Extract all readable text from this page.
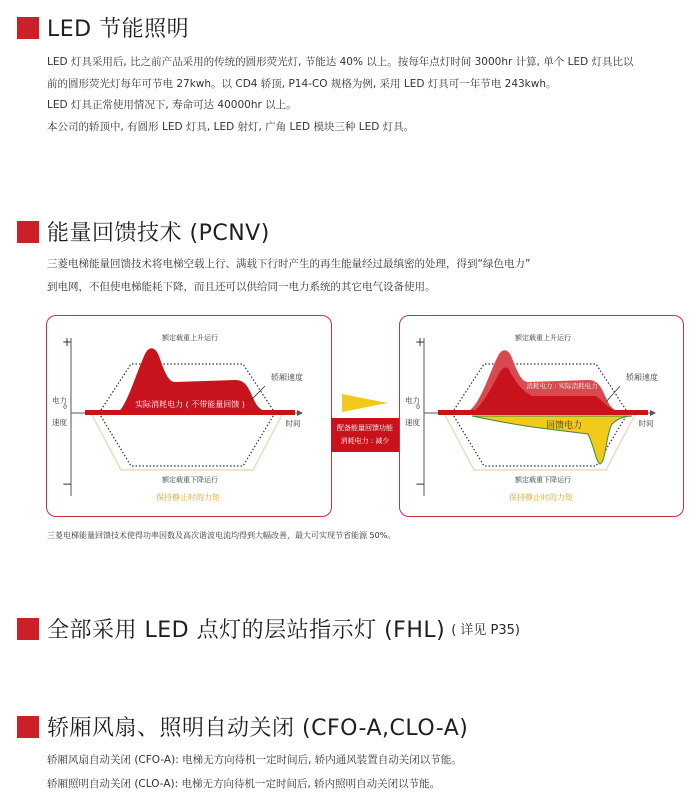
LED 节能照明

LED 灯具采用后, 比之前产品采用的传统的圆形荧光灯, 节能达 40% 以上。按每年点灯时间 3000hr 计算, 单个 LED 灯具比以

前的圆形荧光灯每年可节电 27kwh。以 CD4 轿顶, P14-CO 规格为例, 采用 LED 灯具可一年节电 243kwh。

LED 灯具正常使用情况下, 寿命可达 40000hr 以上。

本公司的轿顶中, 有圆形 LED 灯具, LED 射灯, 广角 LED 模块三种 LED 灯具。

能量回馈技术 (PCNV)

三菱电梯能量回馈技术将电梯空载上行、满载下行时产生的再生能量经过最缜密的处理，得到“绿色电力”

到电网，不但使电梯能耗下降，而且还可以供给同一电力系统的其它电气设备使用。

+
−
0
电力
速度	时间
额定载重上升运行
额定载重下降运行
实际消耗电力 ( 不带能量回馈 )
轿厢速度
保持静止时的力矩
配备能量回馈功能
消耗电力 : 减少
+
−
0
电力
速度	时间
额定载重上升运行
额定载重下降运行
消耗电力 : 实际消耗电力
消耗电力: 电力活用
回馈电力
轿厢速度
保持静止时的力矩
三菱电梯能量回馈技术使得功率因数及高次谐波电流均得到大幅改善，最大可实现节省能源 50%。
全部采用 LED 点灯的层站指示灯 (FHL) ( 详见 P35)
轿厢风扇、照明自动关闭 (CFO-A,CLO-A)

轿厢风扇自动关闭 (CFO-A): 电梯无方向待机一定时间后, 轿内通风装置自动关闭以节能。

轿厢照明自动关闭 (CLO-A): 电梯无方向待机一定时间后, 轿内照明自动关闭以节能。
